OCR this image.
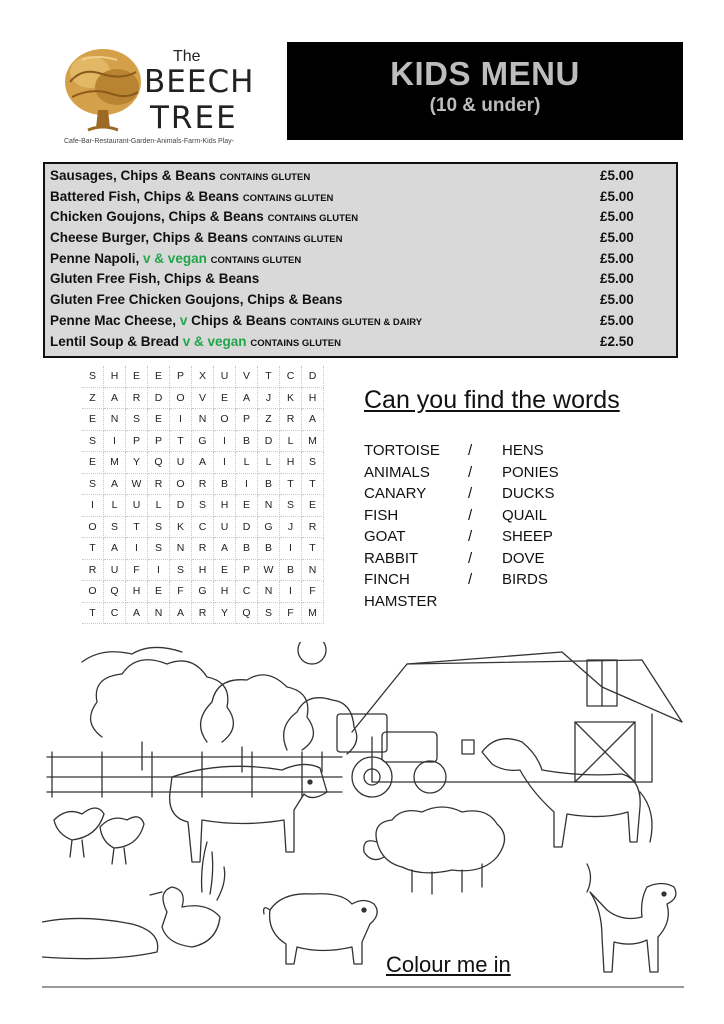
The
BEECH
TREE
Cafe-Bar-Restaurant-Garden-Animals-Farm-Kids Play-
KIDS MENU
(10 & under)
Sausages, Chips & Beans CONTAINS GLUTEN	£5.00
Battered Fish, Chips & Beans CONTAINS GLUTEN	£5.00
Chicken Goujons, Chips & Beans CONTAINS GLUTEN	£5.00
Cheese Burger, Chips & Beans CONTAINS GLUTEN	£5.00
Penne Napoli, v & vegan CONTAINS GLUTEN	£5.00
Gluten Free Fish, Chips & Beans	£5.00
Gluten Free Chicken Goujons, Chips & Beans	£5.00
Penne Mac Cheese, v Chips & Beans CONTAINS GLUTEN & DAIRY	£5.00
Lentil Soup & Bread v & vegan CONTAINS GLUTEN	£2.50
S	H	E	E	P	X	U	V	T	C	D
Z	A	R	D	O	V	E	A	J	K	H
E	N	S	E	I	N	O	P	Z	R	A
S	I	P	P	T	G	I	B	D	L	M
E	M	Y	Q	U	A	I	L	L	H	S
S	A	W	R	O	R	B	I	B	T	T
I	L	U	L	D	S	H	E	N	S	E
O	S	T	S	K	C	U	D	G	J	R
T	A	I	S	N	R	A	B	B	I	T
R	U	F	I	S	H	E	P	W	B	N
O	Q	H	E	F	G	H	C	N	I	F
T	C	A	N	A	R	Y	Q	S	F	M
Can you find the words
TORTOISE / HENS
ANIMALS	/ PONIES
CANARY	/ DUCKS
FISH	/ QUAIL
GOAT	/ SHEEP
RABBIT	/ DOVE
FINCH	/ BIRDS
HAMSTER
Colour me in
